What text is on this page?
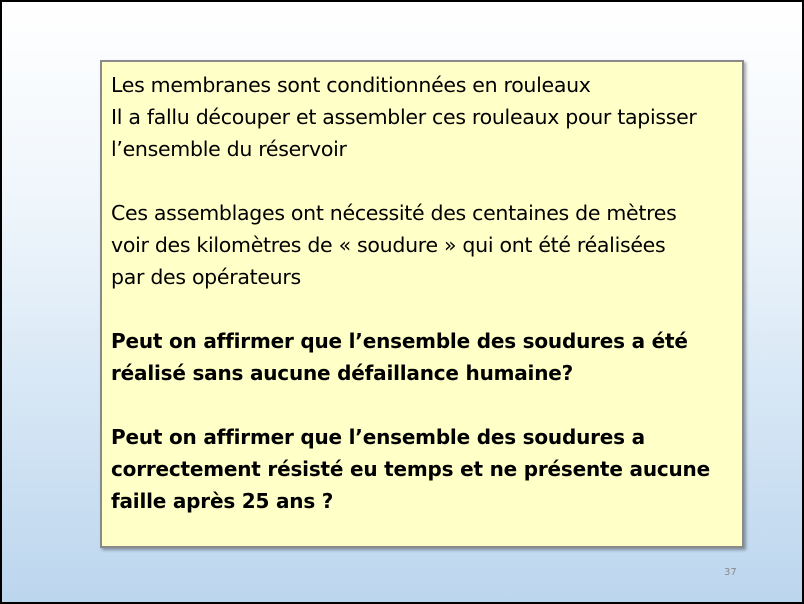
Les membranes sont conditionnées en rouleaux

Il a fallu découper et assembler ces rouleaux pour tapisser

l’ensemble du réservoir

Ces assemblages ont nécessité des centaines de mètres

voir des kilomètres de « soudure » qui ont été réalisées

par des opérateurs

Peut on affirmer que l’ensemble des soudures a été

réalisé sans aucune défaillance humaine?

Peut on affirmer que l’ensemble des soudures a

correctement résisté eu temps et ne présente aucune

faille après 25 ans ?

37
